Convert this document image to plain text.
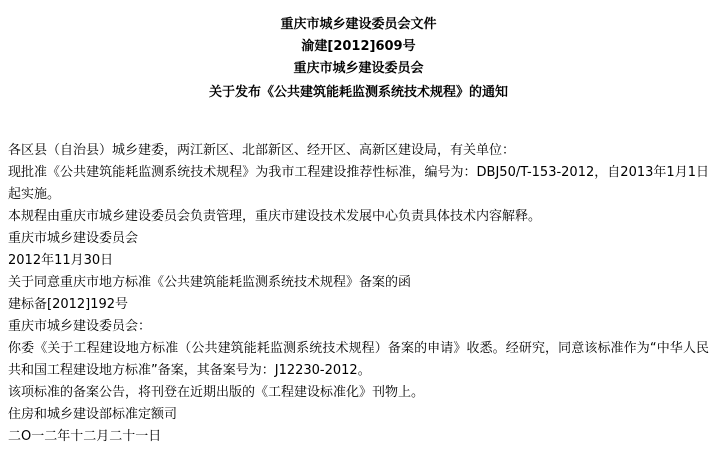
重庆市城乡建设委员会文件
渝建[2012]609号
重庆市城乡建设委员会
关于发布《公共建筑能耗监测系统技术规程》的通知

各区县（自治县）城乡建委，两江新区、北部新区、经开区、高新区建设局，有关单位：

现批准《公共建筑能耗监测系统技术规程》为我市工程建设推荐性标准，编号为：DBJ50/T-153-2012，自2013年1月1日起实施。

本规程由重庆市城乡建设委员会负责管理，重庆市建设技术发展中心负责具体技术内容解释。

重庆市城乡建设委员会

2012年11月30日

关于同意重庆市地方标准《公共建筑能耗监测系统技术规程》备案的函

建标备[2012]192号

重庆市城乡建设委员会：

你委《关于工程建设地方标准（公共建筑能耗监测系统技术规程）备案的申请》收悉。经研究，同意该标准作为“中华人民共和国工程建设地方标准”备案，其备案号为：J12230-2012。

该项标准的备案公告，将刊登在近期出版的《工程建设标准化》刊物上。

住房和城乡建设部标准定额司

二О一二年十二月二十一日
